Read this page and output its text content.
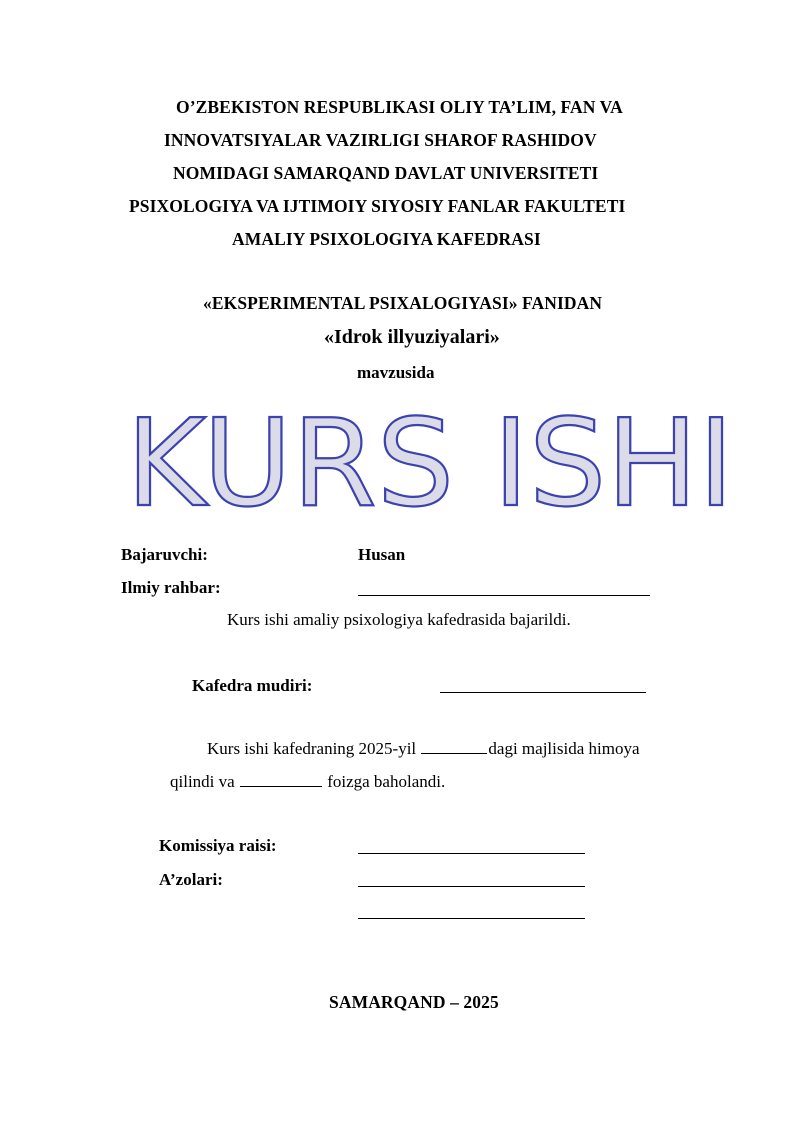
O’ZBEKISTON RESPUBLIKASI OLIY TA’LIM, FAN VA
INNOVATSIYALAR VAZIRLIGI SHAROF RASHIDOV
NOMIDAGI SAMARQAND DAVLAT UNIVERSITETI
PSIXOLOGIYA VA IJTIMOIY SIYOSIY FANLAR FAKULTETI
AMALIY PSIXOLOGIYA KAFEDRASI
«EKSPERIMENTAL PSIXALOGIYASI» FANIDAN
«Idrok illyuziyalari»
mavzusida
KURS ISHI
Bajaruvchi:	Husan
Ilmiy rahbar:
Kurs ishi amaliy psixologiya kafedrasida bajarildi.
Kafedra mudiri:
Kurs ishi kafedraning 2025-yil	dagi majlisida himoya
qilindi va	foizga baholandi.
Komissiya raisi:
A’zolari:
SAMARQAND – 2025
